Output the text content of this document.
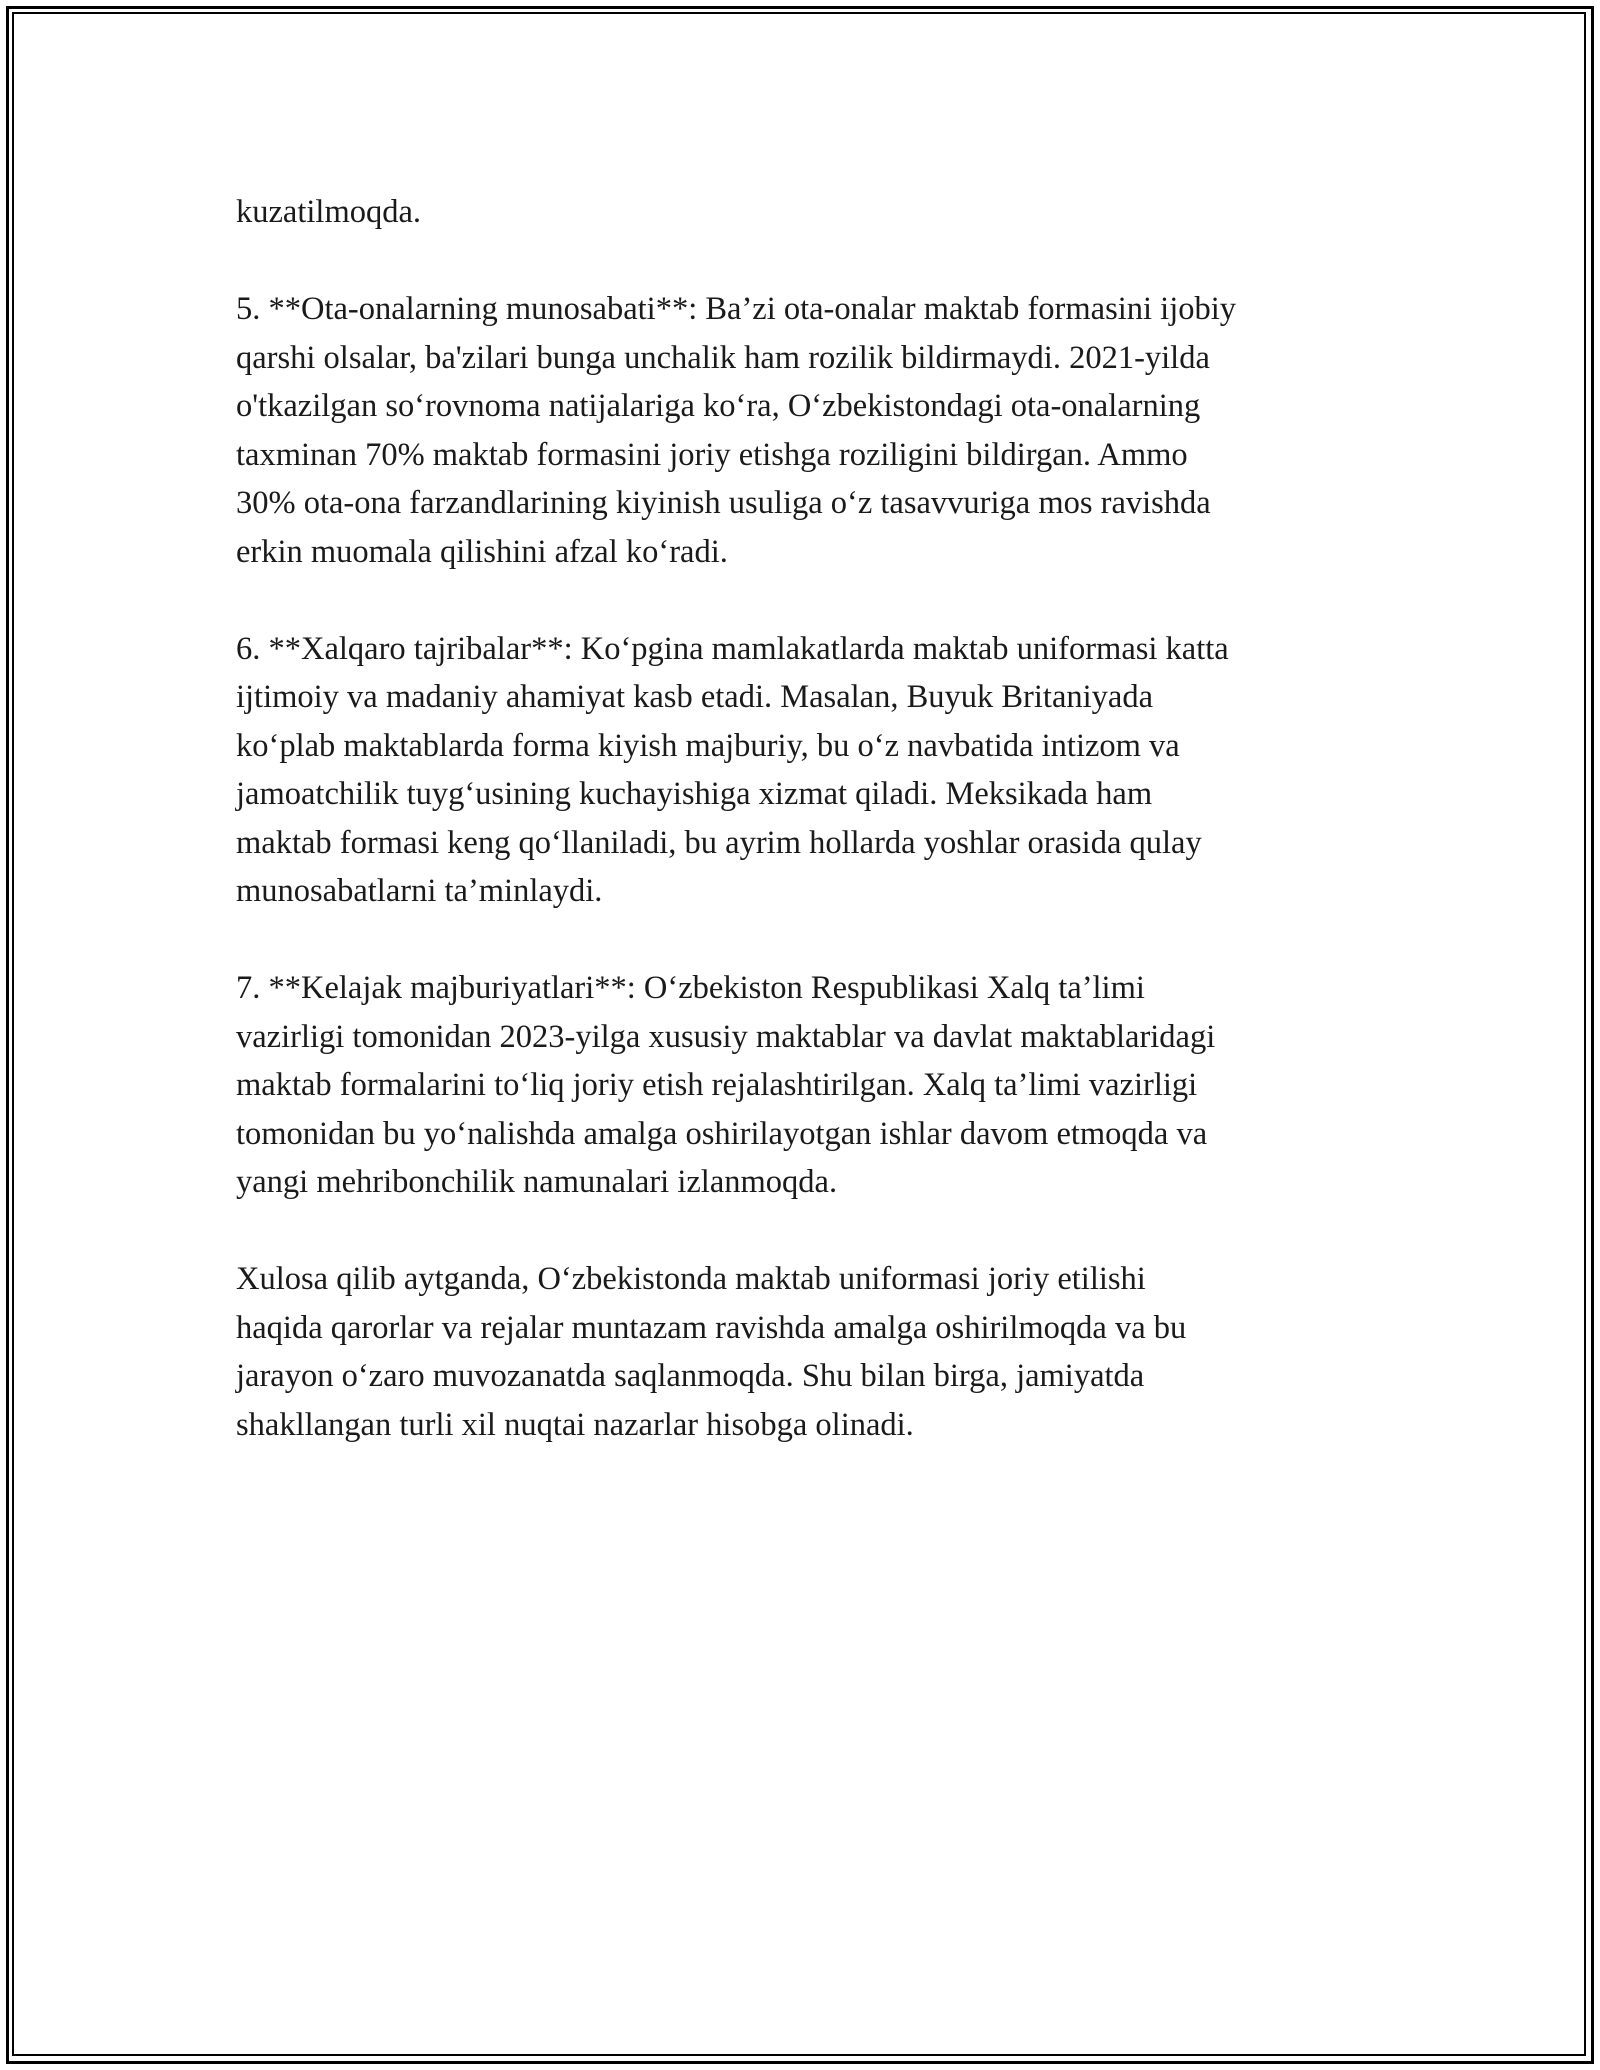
kuzatilmoqda.
5. **Ota-onalarning munosabati**: Ba’zi ota-onalar maktab formasini ijobiy
qarshi olsalar, ba'zilari bunga unchalik ham rozilik bildirmaydi. 2021-yilda
o'tkazilgan so‘rovnoma natijalariga ko‘ra, O‘zbekistondagi ota-onalarning
taxminan 70% maktab formasini joriy etishga roziligini bildirgan. Ammo
30% ota-ona farzandlarining kiyinish usuliga o‘z tasavvuriga mos ravishda
erkin muomala qilishini afzal ko‘radi.
6. **Xalqaro tajribalar**: Ko‘pgina mamlakatlarda maktab uniformasi katta
ijtimoiy va madaniy ahamiyat kasb etadi. Masalan, Buyuk Britaniyada
ko‘plab maktablarda forma kiyish majburiy, bu o‘z navbatida intizom va
jamoatchilik tuyg‘usining kuchayishiga xizmat qiladi. Meksikada ham
maktab formasi keng qo‘llaniladi, bu ayrim hollarda yoshlar orasida qulay
munosabatlarni ta’minlaydi.
7. **Kelajak majburiyatlari**: O‘zbekiston Respublikasi Xalq ta’limi
vazirligi tomonidan 2023-yilga xususiy maktablar va davlat maktablaridagi
maktab formalarini to‘liq joriy etish rejalashtirilgan. Xalq ta’limi vazirligi
tomonidan bu yo‘nalishda amalga oshirilayotgan ishlar davom etmoqda va
yangi mehribonchilik namunalari izlanmoqda.
Xulosa qilib aytganda, O‘zbekistonda maktab uniformasi joriy etilishi
haqida qarorlar va rejalar muntazam ravishda amalga oshirilmoqda va bu
jarayon o‘zaro muvozanatda saqlanmoqda. Shu bilan birga, jamiyatda
shakllangan turli xil nuqtai nazarlar hisobga olinadi.
